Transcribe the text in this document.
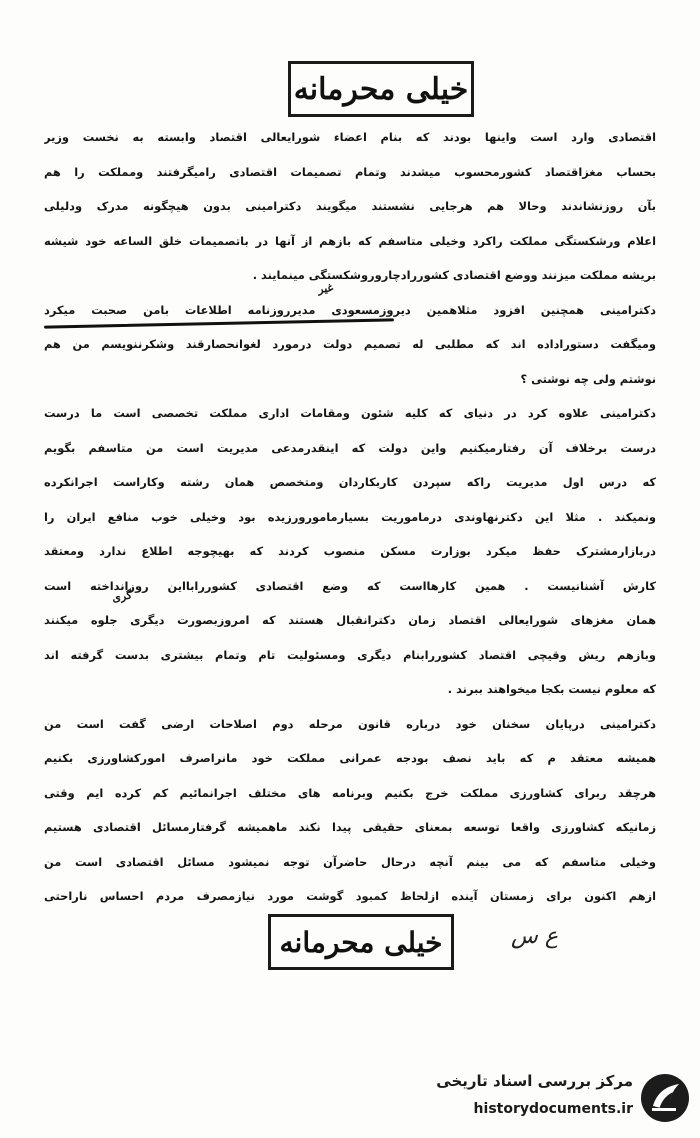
خیلی محرمانه
غیر
گری
اقتصادی وارد است واینها بودند که بنام اعضاء شورایعالی اقتصاد وابسته به نخست وزیر
بحساب مغزاقتصاد کشورمحسوب میشدند وتمام تصمیمات اقتصادی رامیگرفتند ومملکت را هم
بآن روزنشاندند وحالا هم هرجایی نشستند میگویند دکترامینی بدون هیچگونه مدرک ودلیلی
اعلام ورشکستگی مملکت راکرد وخیلی متاسفم که بازهم از آنها در باتصمیمات خلق الساعه خود شیشه
بریشه مملکت میزنند ووضع اقتصادی کشوررادچاروروشکستگی مینمایند .
دکترامینی همچنین افزود مثلاهمین دیروزمسعودی مدیرروزنامه اطلاعات بامن صحبت میکرد
ومیگفت دستوراداده اند که مطلبی له تصمیم دولت درمورد لغوانحصارقند وشکرننویسم من هم
نوشتم ولی چه نوشتی ؟
دکترامینی علاوه کرد در دنیای که کلیه شئون ومقامات اداری مملکت تخصصی است ما درست
درست برخلاف آن رفتارمیکنیم واین دولت که اینقدرمدعی مدیریت است من متاسفم بگویم
که درس اول مدیریت راکه سپردن کاربکاردان ومتخصص همان رشته وکاراست اجرانکرده
ونمیکند . مثلا این دکترنهاوندی درماموریت بسیارمامورورزیده بود وخیلی خوب منافع ایران را
دربازارمشترک حفظ میکرد بوزارت مسکن منصوب کردند که بهیچوجه اطلاع ندارد ومعتقد
کارش آشنانیست . همین کارهااست که وضع اقتصادی کشوررابااین روزانداخته است
همان مغزهای شورایعالی اقتصاد زمان دکترانقبال هستند که امروزبصورت دیگری جلوه میکنند
وبازهم ریش وقیچی اقتصاد کشوررابنام دیگری ومسئولیت تام وتمام بیشتری بدست گرفته اند
که معلوم نیست بکجا میخواهند ببرند .
دکترامینی درپایان سخنان خود درباره قانون مرحله دوم اصلاحات ارضی گفت است من
همیشه معتقد م که باید نصف بودجه عمرانی مملکت خود مانراصرف امورکشاورزی بکنیم
هرچقد ربرای کشاورزی مملکت خرج بکنیم وبرنامه های مختلف اجرانمائیم کم کرده ایم وقتی
زمانیکه کشاورزی واقعا توسعه بمعنای حقیقی پیدا نکند ماهمیشه گرفتارمسائل اقتصادی هستیم
وخیلی متاسفم که می بینم آنچه درحال حاضرآن توجه نمیشود مسائل اقتصادی است من
ازهم اکنون برای زمستان آینده ازلحاظ کمبود گوشت مورد نیازمصرف مردم احساس ناراحتی
خیلی محرمانه	ع س
مرکز بررسی اسناد تاریخی
historydocuments.ir
